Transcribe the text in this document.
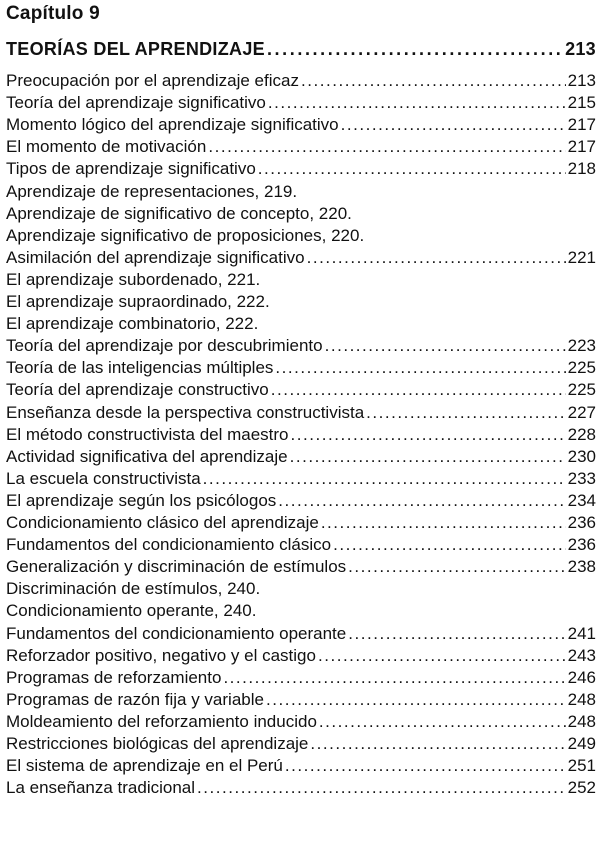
Capítulo 9
TEORÍAS DEL APRENDIZAJE . . .	213
Preocupación por el aprendizaje eficaz . . .	213
Teoría del aprendizaje significativo . . .	215
Momento lógico del aprendizaje significativo . . .	217
El momento de motivación . . .	217
Tipos de aprendizaje significativo . . .	218
Aprendizaje de representaciones, 219.
Aprendizaje de significativo de concepto, 220.
Aprendizaje significativo de proposiciones, 220.
Asimilación del aprendizaje significativo . . .	221
El aprendizaje subordenado, 221.
El aprendizaje supraordinado, 222.
El aprendizaje combinatorio, 222.
Teoría del aprendizaje por descubrimiento . . .	223
Teoría de las inteligencias múltiples . . .	225
Teoría del aprendizaje constructivo . . .	225
Enseñanza desde la perspectiva constructivista . . .	227
El método constructivista del maestro . . .	228
Actividad significativa del aprendizaje . . .	230
La escuela constructivista . . .	233
El aprendizaje según los psicólogos . . .	234
Condicionamiento clásico del aprendizaje . . .	236
Fundamentos del condicionamiento clásico . . .	236
Generalización y discriminación de estímulos . . .	238
Discriminación de estímulos, 240.
Condicionamiento operante, 240.
Fundamentos del condicionamiento operante . . .	241
Reforzador positivo, negativo y el castigo . . .	243
Programas de reforzamiento . . .	246
Programas de razón fija y variable . . .	248
Moldeamiento del reforzamiento inducido . . .	248
Restricciones biológicas del aprendizaje . . .	249
El sistema de aprendizaje en el Perú . . .	251
La enseñanza tradicional . . .	252
